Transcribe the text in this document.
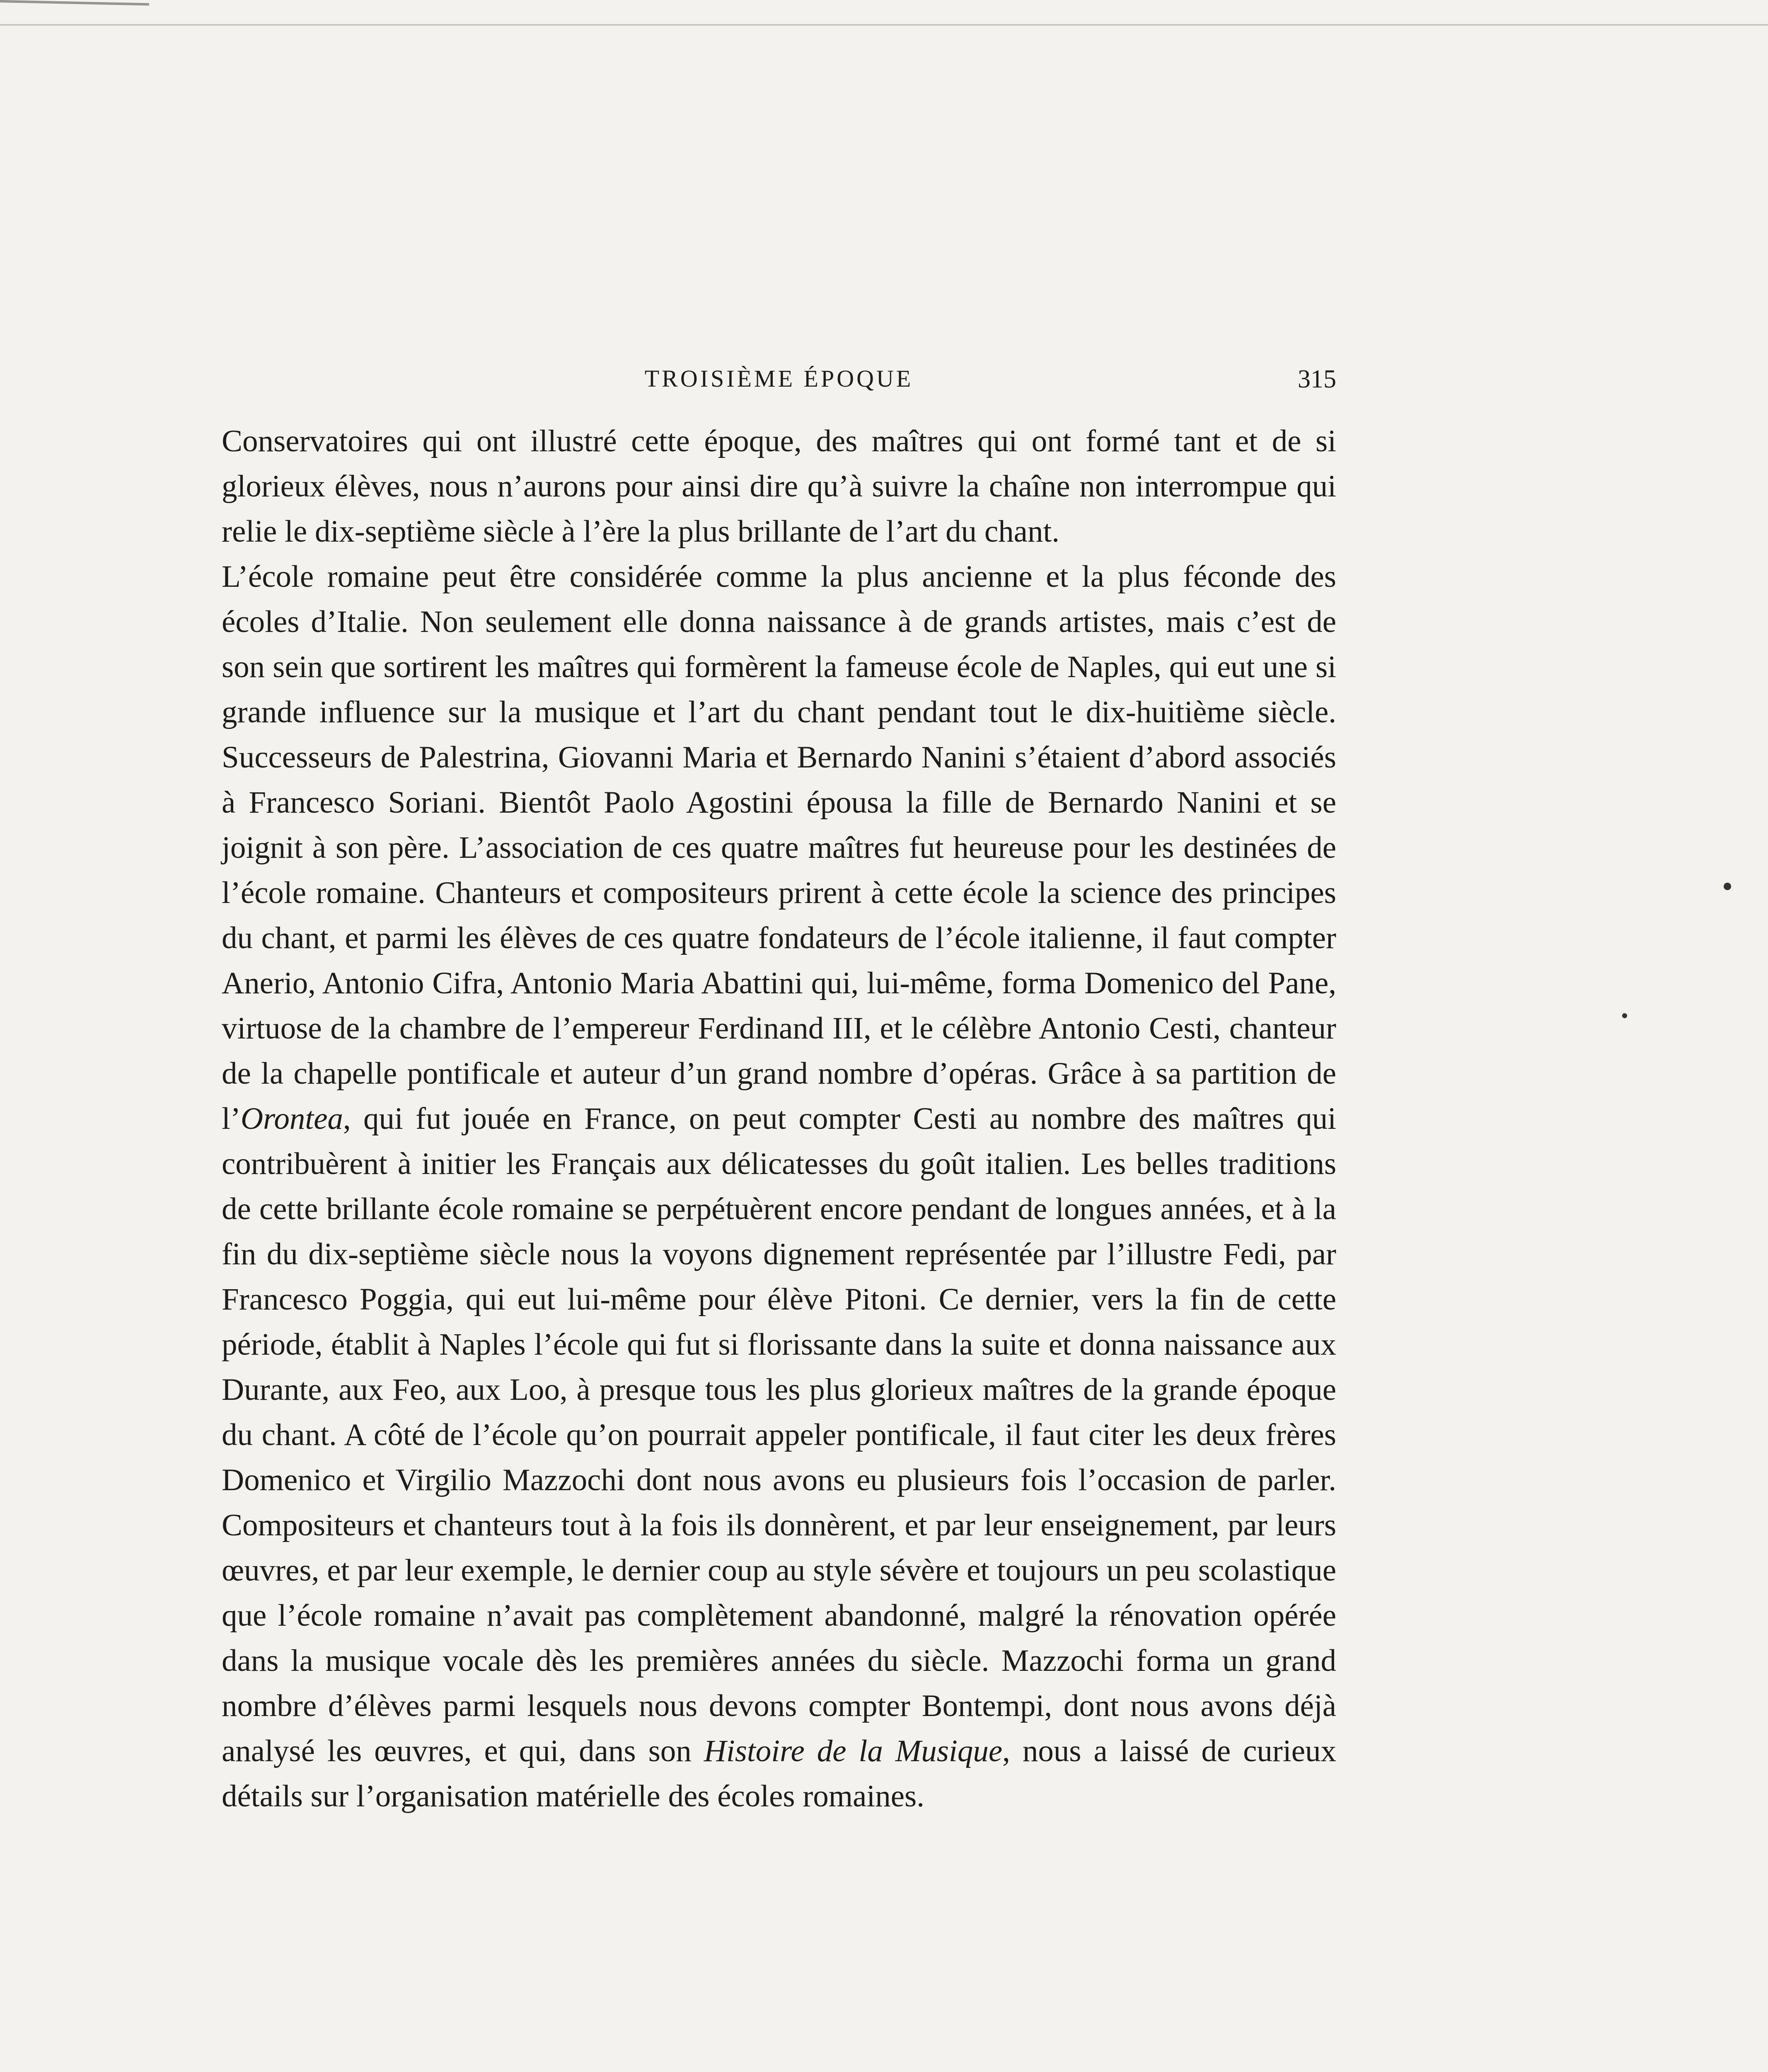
TROISIÈME ÉPOQUE	315

Conservatoires qui ont illustré cette époque, des maîtres qui ont formé tant et de si glorieux élèves, nous n’aurons pour ainsi dire qu’à suivre la chaîne non interrompue qui relie le dix-septième siècle à l’ère la plus brillante de l’art du chant.

L’école romaine peut être considérée comme la plus ancienne et la plus féconde des écoles d’Italie. Non seulement elle donna naissance à de grands artistes, mais c’est de son sein que sortirent les maîtres qui formèrent la fameuse école de Naples, qui eut une si grande influence sur la musique et l’art du chant pendant tout le dix-huitième siècle. Successeurs de Palestrina, Giovanni Maria et Bernardo Nanini s’étaient d’abord associés à Francesco Soriani. Bientôt Paolo Agostini épousa la fille de Bernardo Nanini et se joignit à son père. L’association de ces quatre maîtres fut heureuse pour les destinées de l’école romaine. Chanteurs et compositeurs prirent à cette école la science des principes du chant, et parmi les élèves de ces quatre fondateurs de l’école italienne, il faut compter Anerio, Antonio Cifra, Antonio Maria Abattini qui, lui-même, forma Domenico del Pane, virtuose de la chambre de l’empereur Ferdinand III, et le célèbre Antonio Cesti, chanteur de la chapelle pontificale et auteur d’un grand nombre d’opéras. Grâce à sa partition de l’Orontea, qui fut jouée en France, on peut compter Cesti au nombre des maîtres qui contribuèrent à initier les Français aux délicatesses du goût italien. Les belles traditions de cette brillante école romaine se perpétuèrent encore pendant de longues années, et à la fin du dix-septième siècle nous la voyons dignement représentée par l’illustre Fedi, par Francesco Poggia, qui eut lui-même pour élève Pitoni. Ce dernier, vers la fin de cette période, établit à Naples l’école qui fut si florissante dans la suite et donna naissance aux Durante, aux Feo, aux Loo, à presque tous les plus glorieux maîtres de la grande époque du chant. A côté de l’école qu’on pourrait appeler pontificale, il faut citer les deux frères Domenico et Virgilio Mazzochi dont nous avons eu plusieurs fois l’occasion de parler. Compositeurs et chanteurs tout à la fois ils donnèrent, et par leur enseignement, par leurs œuvres, et par leur exemple, le dernier coup au style sévère et toujours un peu scolastique que l’école romaine n’avait pas complètement abandonné, malgré la rénovation opérée dans la musique vocale dès les premières années du siècle. Mazzochi forma un grand nombre d’élèves parmi lesquels nous devons compter Bontempi, dont nous avons déjà analysé les œuvres, et qui, dans son Histoire de la Musique, nous a laissé de curieux détails sur l’organisation matérielle des écoles romaines.
